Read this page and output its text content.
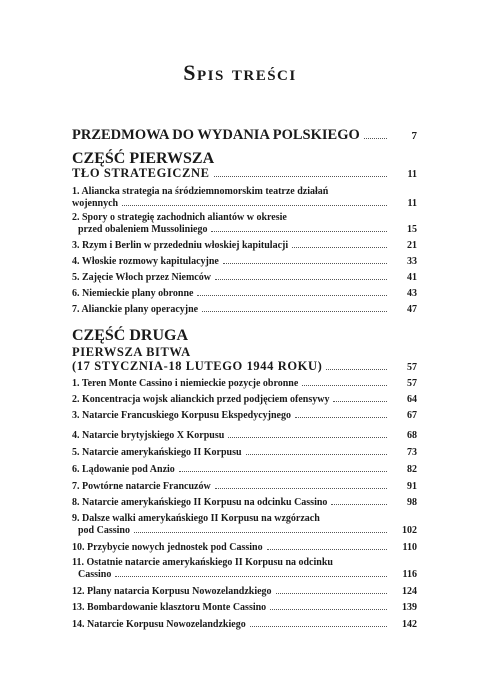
Spis treści
PRZEDMOWA DO WYDANIA POLSKIEGO	7
CZĘŚĆ PIERWSZA
TŁO STRATEGICZNE	11
1. Aliancka strategia na śródziemnomorskim teatrze działań
wojennych	11
2. Spory o strategię zachodnich aliantów w okresie
przed obaleniem Mussoliniego	15
3. Rzym i Berlin w przededniu włoskiej kapitulacji	21
4. Włoskie rozmowy kapitulacyjne	33
5. Zajęcie Włoch przez Niemców	41
6. Niemieckie plany obronne	43
7. Alianckie plany operacyjne	47
CZĘŚĆ DRUGA
PIERWSZA BITWA
(17 STYCZNIA-18 LUTEGO 1944 ROKU)	57
1. Teren Monte Cassino i niemieckie pozycje obronne	57
2. Koncentracja wojsk alianckich przed podjęciem ofensywy	64
3. Natarcie Francuskiego Korpusu Ekspedycyjnego	67
4. Natarcie brytyjskiego X Korpusu	68
5. Natarcie amerykańskiego II Korpusu	73
6. Lądowanie pod Anzio	82
7. Powtórne natarcie Francuzów	91
8. Natarcie amerykańskiego II Korpusu na odcinku Cassino	98
9. Dalsze walki amerykańskiego II Korpusu na wzgórzach
pod Cassino	102
10. Przybycie nowych jednostek pod Cassino	110
11. Ostatnie natarcie amerykańskiego II Korpusu na odcinku
Cassino	116
12. Plany natarcia Korpusu Nowozelandzkiego	124
13. Bombardowanie klasztoru Monte Cassino	139
14. Natarcie Korpusu Nowozelandzkiego	142
